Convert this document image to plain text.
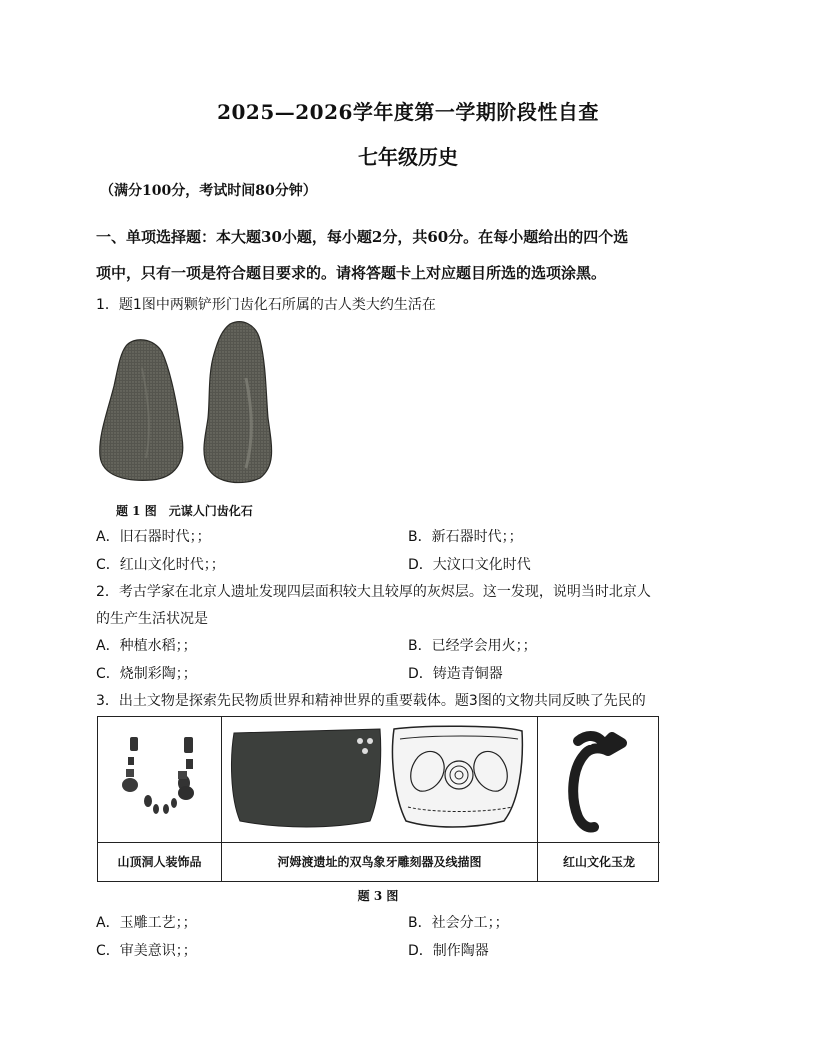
2025—2026学年度第一学期阶段性自查
七年级历史
（满分100分，考试时间80分钟）
一、单项选择题：本大题30小题，每小题2分，共60分。在每小题给出的四个选
项中，只有一项是符合题目要求的。请将答题卡上对应题目所选的选项涂黑。
1．题1图中两颗铲形门齿化石所属的古人类大约生活在
题 1 图　元谋人门齿化石
A．旧石器时代；；	B．新石器时代；；
C．红山文化时代；；	D．大汶口文化时代
2．考古学家在北京人遗址发现四层面积较大且较厚的灰烬层。这一发现，说明当时北京人
的生产生活状况是
A．种植水稻；；	B．已经学会用火；；
C．烧制彩陶；；	D．铸造青铜器
3．出土文物是探索先民物质世界和精神世界的重要载体。题3图的文物共同反映了先民的
山顶洞人装饰品	河姆渡遗址的双鸟象牙雕刻器及线描图	红山文化玉龙
题 3 图
A．玉雕工艺；；	B．社会分工；；
C．审美意识；；	D．制作陶器
